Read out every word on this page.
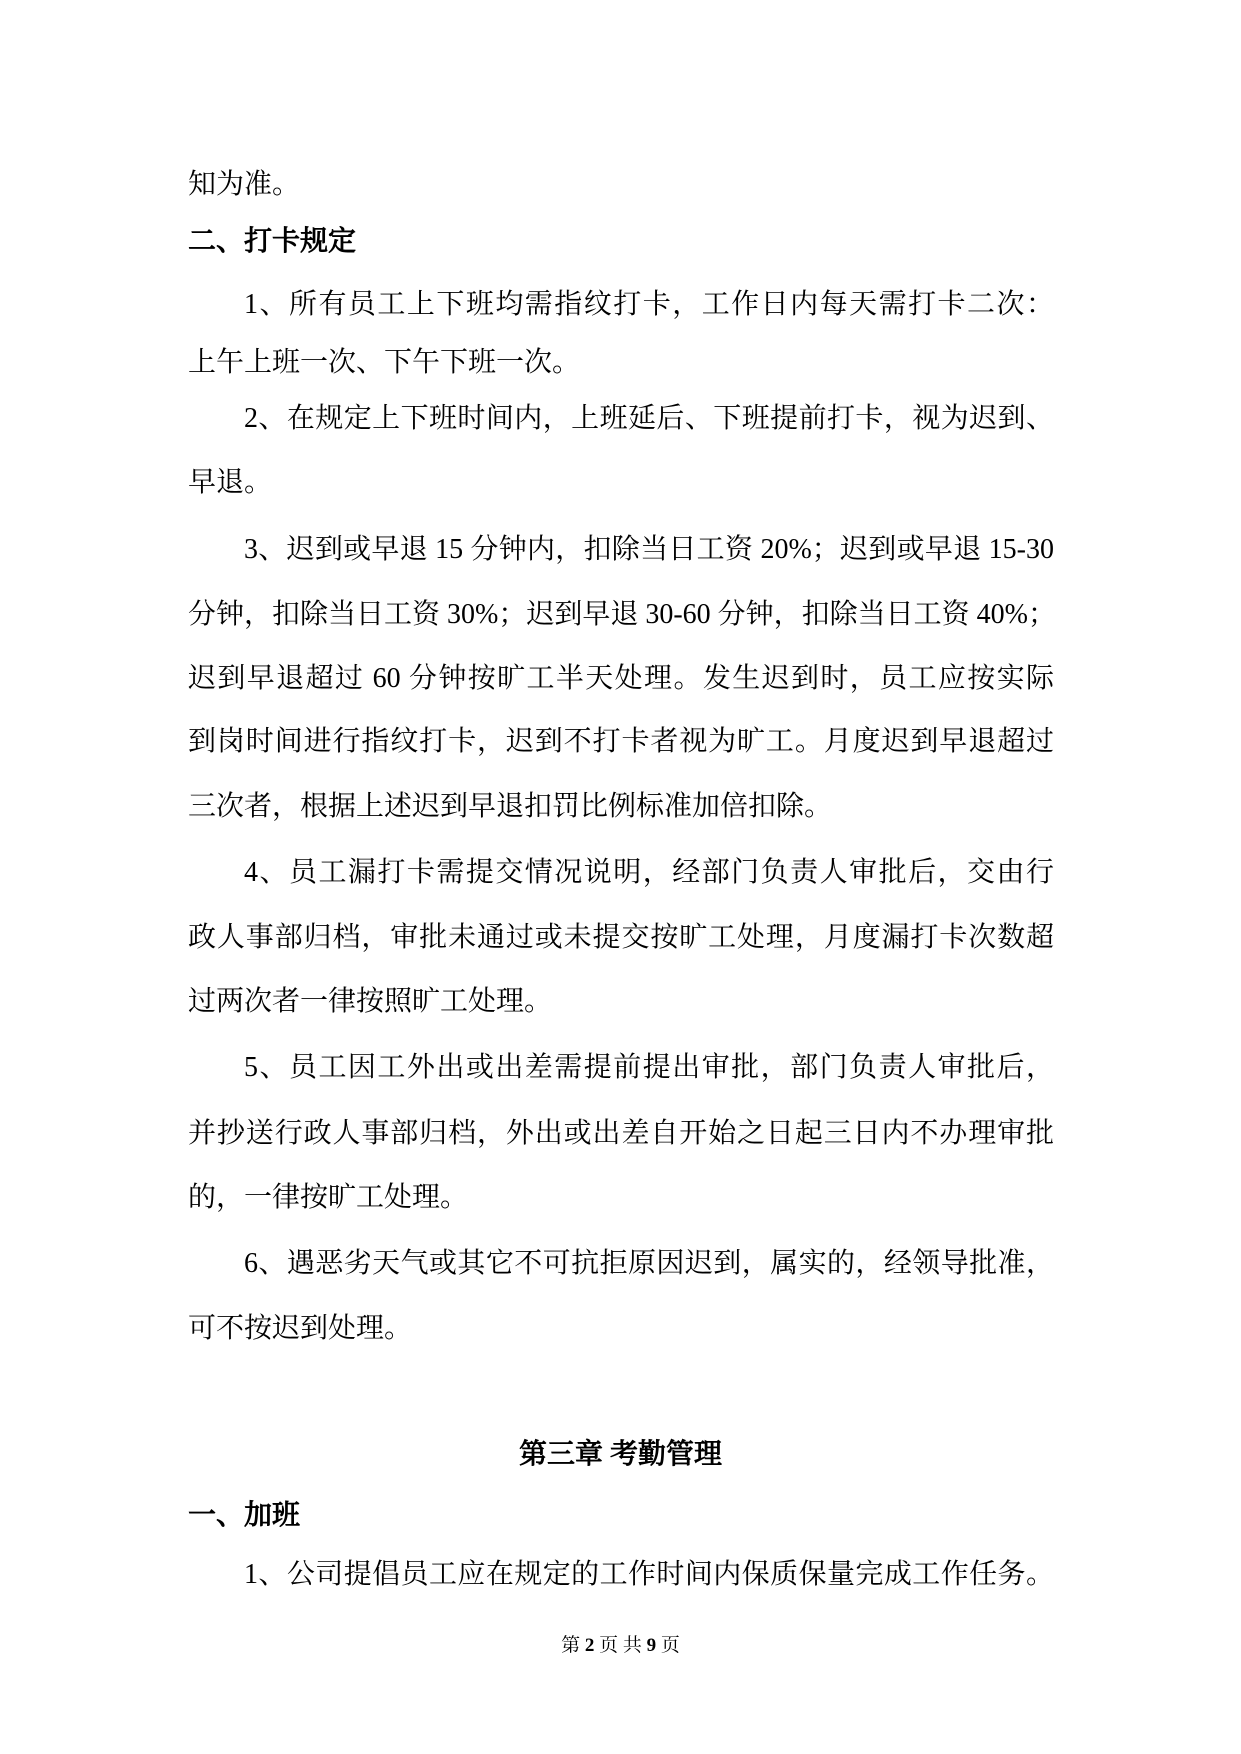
知为准。
二、打卡规定
1、所有员工上下班均需指纹打卡，工作日内每天需打卡二次：
上午上班一次、下午下班一次。
2、在规定上下班时间内，上班延后、下班提前打卡，视为迟到、
早退。
3、迟到或早退 15 分钟内，扣除当日工资 20%；迟到或早退 15-30
分钟，扣除当日工资 30%；迟到早退 30-60 分钟，扣除当日工资 40%；
迟到早退超过 60 分钟按旷工半天处理。发生迟到时，员工应按实际
到岗时间进行指纹打卡，迟到不打卡者视为旷工。月度迟到早退超过
三次者，根据上述迟到早退扣罚比例标准加倍扣除。
4、员工漏打卡需提交情况说明，经部门负责人审批后，交由行
政人事部归档，审批未通过或未提交按旷工处理，月度漏打卡次数超
过两次者一律按照旷工处理。
5、员工因工外出或出差需提前提出审批，部门负责人审批后，
并抄送行政人事部归档，外出或出差自开始之日起三日内不办理审批
的，一律按旷工处理。
6、遇恶劣天气或其它不可抗拒原因迟到，属实的，经领导批准，
可不按迟到处理。
第三章 考勤管理
一、加班
1、公司提倡员工应在规定的工作时间内保质保量完成工作任务。
第 2 页 共 9 页
